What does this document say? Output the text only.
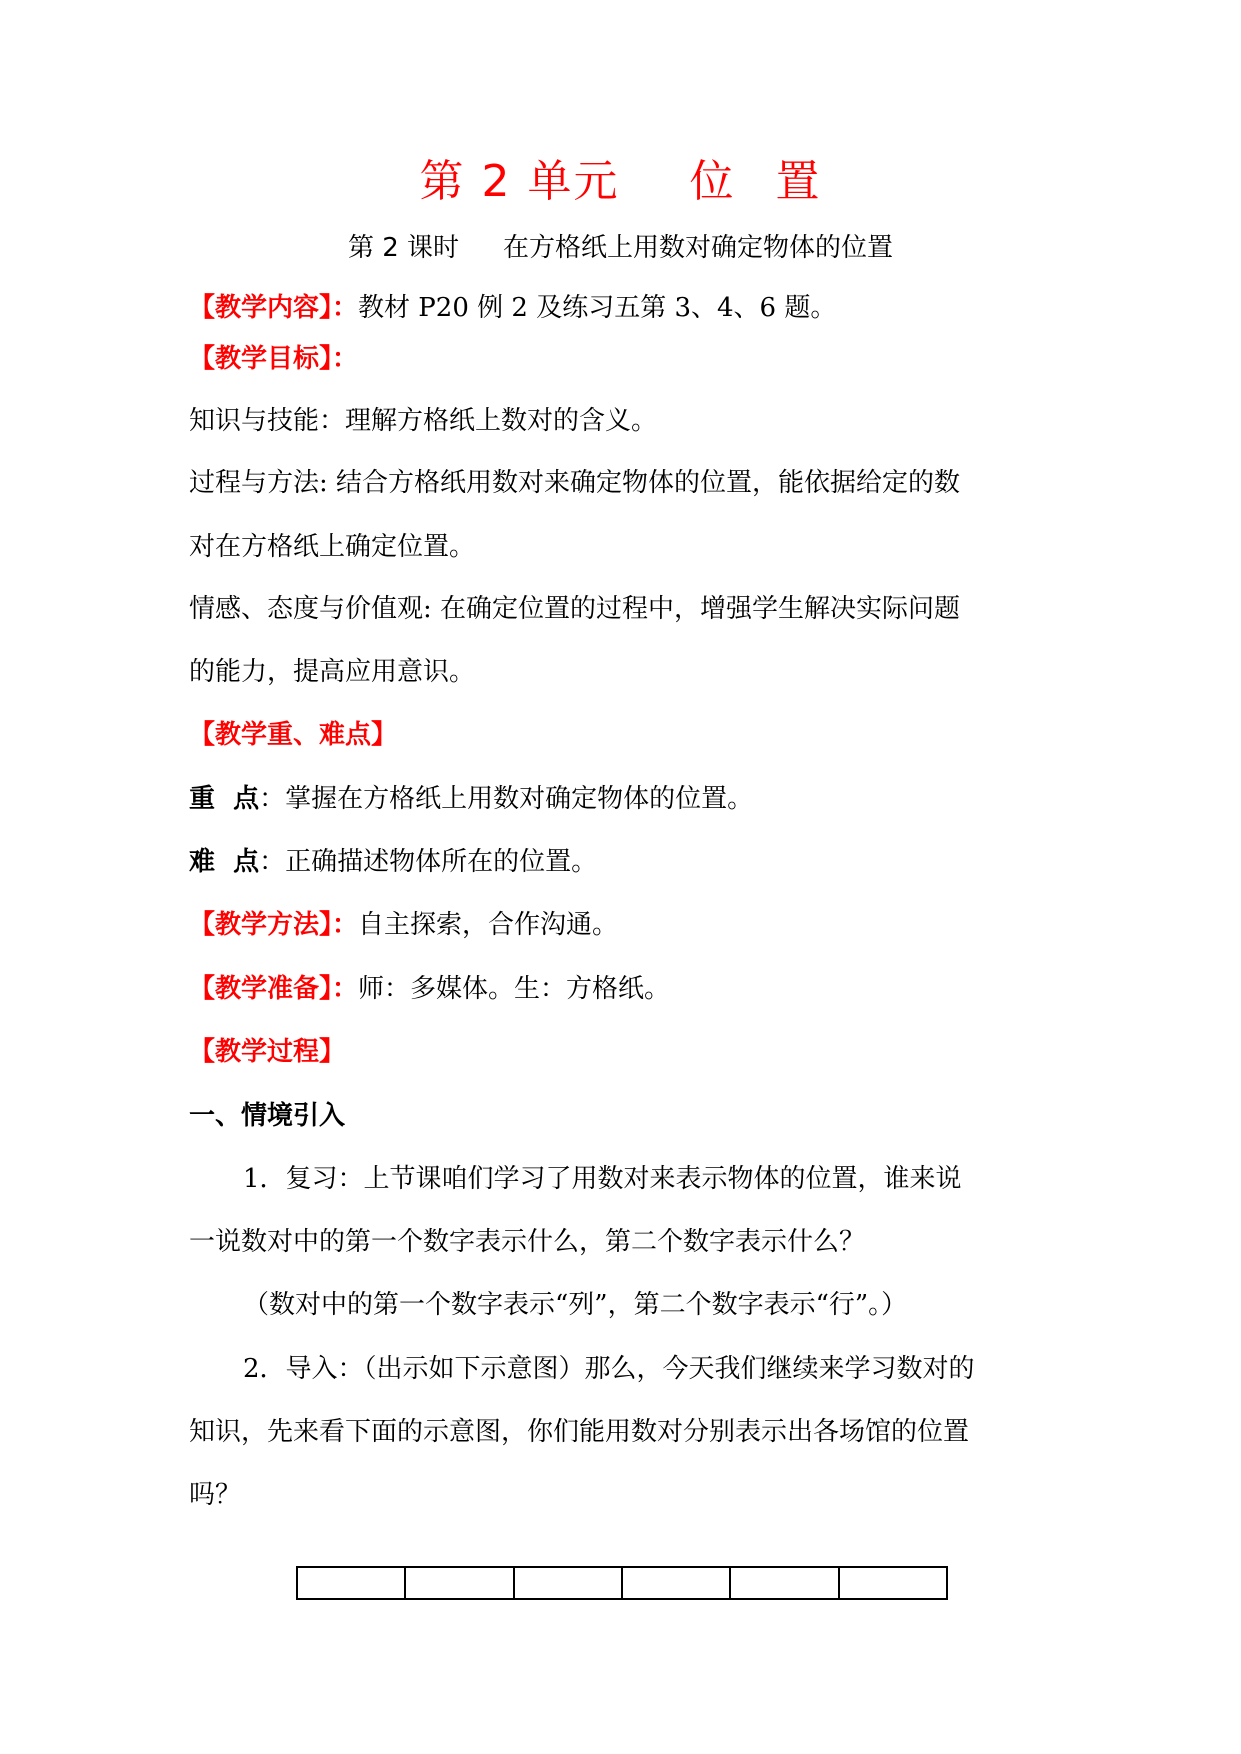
第 2 单元 位 置
第 2 课时 在方格纸上用数对确定物体的位置
【教学内容】：教材 P20 例 2 及练习五第 3、4、6 题。
【教学目标】：
知识与技能：理解方格纸上数对的含义。
过程与方法: 结合方格纸用数对来确定物体的位置，能依据给定的数
对在方格纸上确定位置。
情感、态度与价值观: 在确定位置的过程中，增强学生解决实际问题
的能力，提高应用意识。
【教学重、难点】
重  点：掌握在方格纸上用数对确定物体的位置。
难  点：正确描述物体所在的位置。
【教学方法】：自主探索，合作沟通。
【教学准备】：师：多媒体。生：方格纸。
【教学过程】
一、情境引入
1．复习：上节课咱们学习了用数对来表示物体的位置，谁来说
一说数对中的第一个数字表示什么，第二个数字表示什么？
（数对中的第一个数字表示“列”，第二个数字表示“行”。）
2．导入：（出示如下示意图）那么，今天我们继续来学习数对的
知识，先来看下面的示意图，你们能用数对分别表示出各场馆的位置
吗？
